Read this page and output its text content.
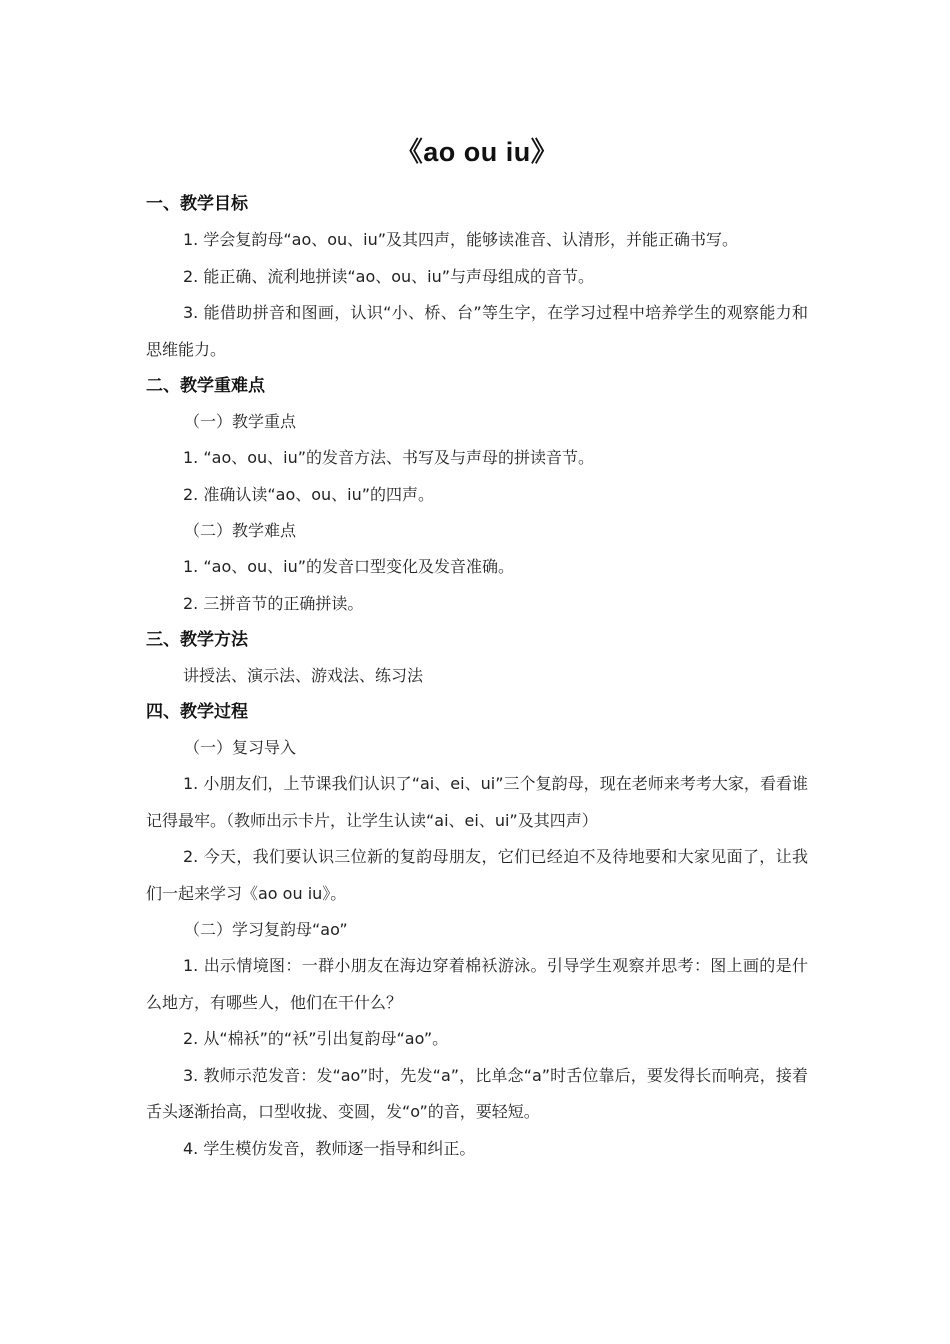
《ao ou iu》
一、教学目标

1. 学会复韵母“ao、ou、iu”及其四声，能够读准音、认清形，并能正确书写。

2. 能正确、流利地拼读“ao、ou、iu”与声母组成的音节。

3. 能借助拼音和图画，认识“小、桥、台”等生字，在学习过程中培养学生的观察能力和思维能力。

二、教学重难点

（一）教学重点

1. “ao、ou、iu”的发音方法、书写及与声母的拼读音节。

2. 准确认读“ao、ou、iu”的四声。

（二）教学难点

1. “ao、ou、iu”的发音口型变化及发音准确。

2. 三拼音节的正确拼读。

三、教学方法

讲授法、演示法、游戏法、练习法

四、教学过程

（一）复习导入

1. 小朋友们，上节课我们认识了“ai、ei、ui”三个复韵母，现在老师来考考大家，看看谁记得最牢。（教师出示卡片，让学生认读“ai、ei、ui”及其四声）

2. 今天，我们要认识三位新的复韵母朋友，它们已经迫不及待地要和大家见面了，让我们一起来学习《ao ou iu》。

（二）学习复韵母“ao”

1. 出示情境图：一群小朋友在海边穿着棉袄游泳。引导学生观察并思考：图上画的是什么地方，有哪些人，他们在干什么？

2. 从“棉袄”的“袄”引出复韵母“ao”。

3. 教师示范发音：发“ao”时，先发“a”，比单念“a”时舌位靠后，要发得长而响亮，接着舌头逐渐抬高，口型收拢、变圆，发“o”的音，要轻短。

4. 学生模仿发音，教师逐一指导和纠正。
